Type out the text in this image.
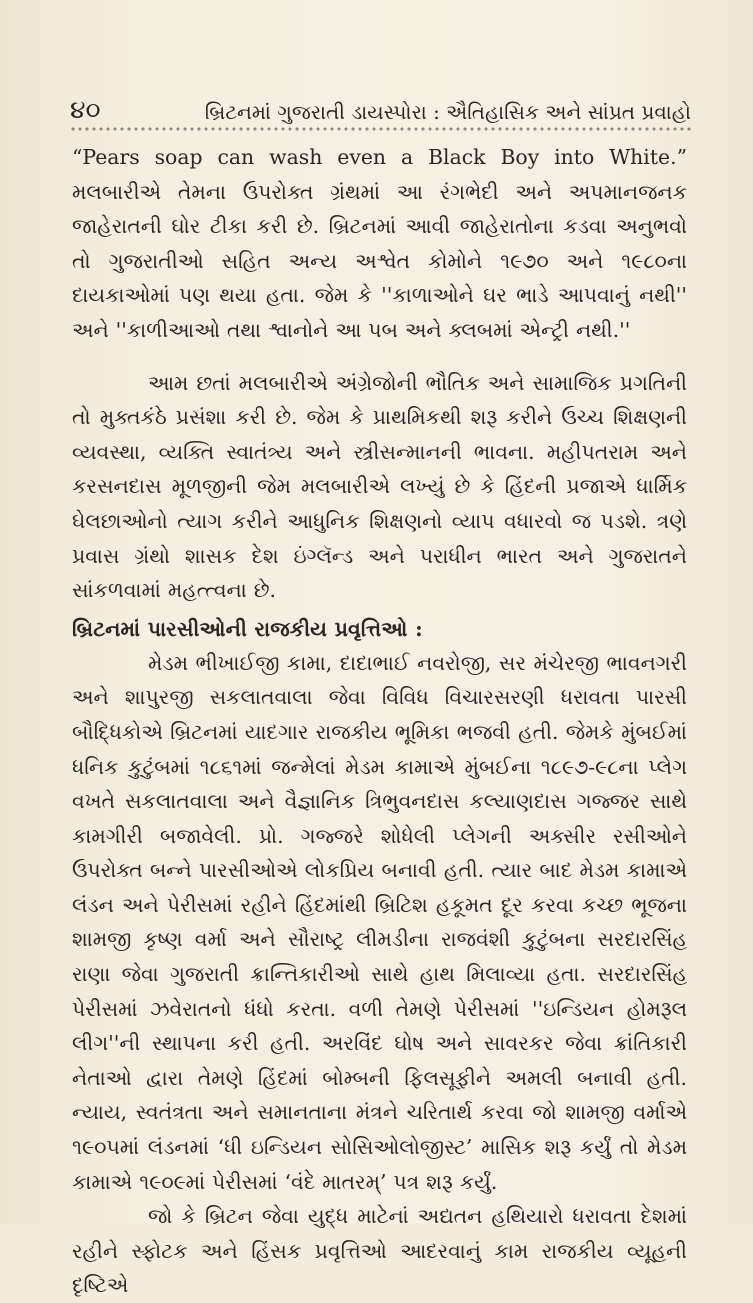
૪૦	બ્રિટનમાં ગુજરાતી ડાયસ્પોરા : ઐતિહાસિક અને સાંપ્રત પ્રવાહો

“Pears soap can wash even a Black Boy into White.” મલબારીએ તેમના ઉપરોક્ત ગ્રંથમાં આ રંગભેદી અને અપમાનજનક જાહેરાતની ઘોર ટીકા કરી છે. બ્રિટનમાં આવી જાહેરાતોના કડવા અનુભવો તો ગુજરાતીઓ સહિત અન્ય અશ્વેત કોમોને ૧૯૭૦ અને ૧૯૮૦ના દાયકાઓમાં પણ થયા હતા. જેમ કે ''કાળાઓને ઘર ભાડે આપવાનું નથી'' અને ''કાળીઆઓ તથા શ્વાનોને આ પબ અને ક્લબમાં એન્ટ્રી નથી.''

આમ છતાં મલબારીએ અંગ્રેજોની ભૌતિક અને સામાજિક પ્રગતિની તો મુક્તકંઠે પ્રસંશા કરી છે. જેમ કે પ્રાથમિકથી શરૂ કરીને ઉચ્ચ શિક્ષણની વ્યવસ્થા, વ્યક્તિ સ્વાતંત્ર્ય અને સ્ત્રીસન્માનની ભાવના. મહીપતરામ અને કરસનદાસ મૂળજીની જેમ મલબારીએ લખ્યું છે કે હિંદની પ્રજાએ ધાર્મિક ઘેલછાઓનો ત્યાગ કરીને આધુનિક શિક્ષણનો વ્યાપ વધારવો જ પડશે. ત્રણે પ્રવાસ ગ્રંથો શાસક દેશ ઇંગ્લૅન્ડ અને પરાધીન ભારત અને ગુજરાતને સાંકળવામાં મહત્ત્વના છે.

બ્રિટનમાં પારસીઓની રાજકીય પ્રવૃત્તિઓ :

મેડમ ભીખાઈજી કામા, દાદાભાઈ નવરોજી, સર મંચેરજી ભાવનગરી અને શાપુરજી સકલાતવાલા જેવા વિવિધ વિચારસરણી ધરાવતા પારસી બૌદ્ધિકોએ બ્રિટનમાં યાદગાર રાજકીય ભૂમિકા ભજવી હતી. જેમકે મુંબઈમાં ધનિક કુટુંબમાં ૧૮૬૧માં જન્મેલાં મેડમ કામાએ મુંબઈના ૧૮૯૭-૯૮ના પ્લેગ વખતે સકલાતવાલા અને વૈજ્ઞાનિક ત્રિભુવનદાસ કલ્યાણદાસ ગજ્જર સાથે કામગીરી બજાવેલી. પ્રો. ગજ્જરે શોધેલી પ્લેગની અક્સીર રસીઓને ઉપરોક્ત બન્ને પારસીઓએ લોકપ્રિય બનાવી હતી. ત્યાર બાદ મેડમ કામાએ લંડન અને પેરીસમાં રહીને હિંદમાંથી બ્રિટિશ હકૂમત દૂર કરવા કચ્છ ભૂજના શામજી કૃષ્ણ વર્મા અને સૌરાષ્ટ્ર લીમડીના રાજવંશી કુટુંબના સરદારસિંહ રાણા જેવા ગુજરાતી ક્રાન્તિકારીઓ સાથે હાથ મિલાવ્યા હતા. સરદારસિંહ પેરીસમાં ઝવેરાતનો ધંધો કરતા. વળી તેમણે પેરીસમાં ''ઇન્ડિયન હોમરૂલ લીગ''ની સ્થાપના કરી હતી. અરવિંદ ઘોષ અને સાવરકર જેવા ક્રાંતિકારી નેતાઓ દ્વારા તેમણે હિંદમાં બોમ્બની ફિલસૂફીને અમલી બનાવી હતી. ન્યાય, સ્વતંત્રતા અને સમાનતાના મંત્રને ચરિતાર્થ કરવા જો શામજી વર્માએ ૧૯૦૫માં લંડનમાં ‘ધી ઇન્ડિયન સોસિઓલોજીસ્ટ’ માસિક શરૂ કર્યું તો મેડમ કામાએ ૧૯૦૯માં પેરીસમાં ‘વંદે માતરમ્’ પત્ર શરૂ કર્યું.

જો કે બ્રિટન જેવા યુદ્ધ માટેનાં અદ્યતન હથિયારો ધરાવતા દેશમાં રહીને સ્ફોટક અને હિંસક પ્રવૃત્તિઓ આદરવાનું કામ રાજકીય વ્યૂહની દૃષ્ટિએ
